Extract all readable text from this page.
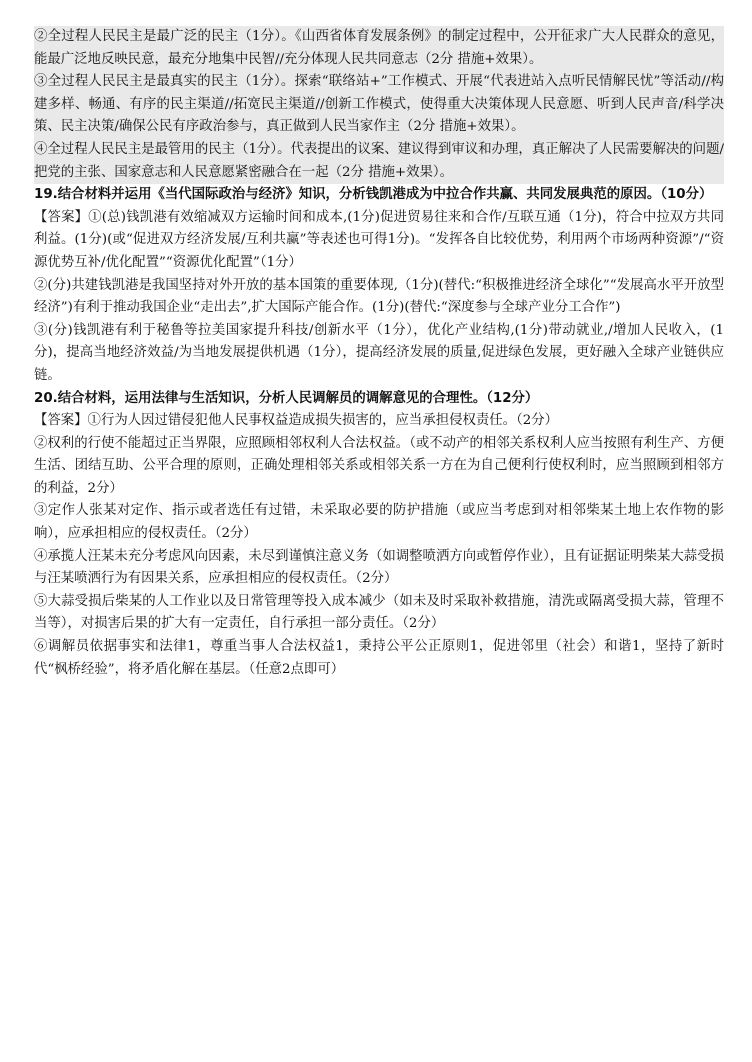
②全过程人民民主是最广泛的民主（1分）。《山西省体育发展条例》的制定过程中，公开征求广大人民群众的意见，能最广泛地反映民意，最充分地集中民智//充分体现人民共同意志（2分 措施+效果）。

③全过程人民民主是最真实的民主（1分）。探索“联络站+”工作模式、开展“代表进站入点听民情解民忧”等活动//构建多样、畅通、有序的民主渠道//拓宽民主渠道//创新工作模式，使得重大决策体现人民意愿、听到人民声音/科学决策、民主决策/确保公民有序政治参与，真正做到人民当家作主（2分 措施+效果）。

④全过程人民民主是最管用的民主（1分）。代表提出的议案、建议得到审议和办理，真正解决了人民需要解决的问题/把党的主张、国家意志和人民意愿紧密融合在一起（2分 措施+效果）。

19.结合材料并运用《当代国际政治与经济》知识，分析钱凯港成为中拉合作共赢、共同发展典范的原因。（10分）

【答案】①(总)钱凯港有效缩减双方运输时间和成本,(1分)促进贸易往来和合作/互联互通（1分)，符合中拉双方共同利益。(1分)(或“促进双方经济发展/互利共赢”等表述也可得1分)。“发挥各自比较优势，利用两个市场两种资源”/“资源优势互补/优化配置”“资源优化配置”（1分）

②(分)共建钱凯港是我国坚持对外开放的基本国策的重要体现,（1分)(替代:“积极推进经济全球化”“发展高水平开放型经济”)有利于推动我国企业“走出去”,扩大国际产能合作。(1分)(替代:“深度参与全球产业分工合作”)

③(分)钱凯港有利于秘鲁等拉美国家提升科技/创新水平（1分），优化产业结构,(1分)带动就业,/增加人民收入，(1分)，提高当地经济效益/为当地发展提供机遇（1分），提高经济发展的质量,促进绿色发展，更好融入全球产业链供应链。

20.结合材料，运用法律与生活知识，分析人民调解员的调解意见的合理性。（12分）

【答案】①行为人因过错侵犯他人民事权益造成损失损害的，应当承担侵权责任。（2分）

②权利的行使不能超过正当界限，应照顾相邻权利人合法权益。（或不动产的相邻关系权利人应当按照有利生产、方便生活、团结互助、公平合理的原则，正确处理相邻关系或相邻关系一方在为自己便利行使权利时，应当照顾到相邻方的利益，2分）

③定作人张某对定作、指示或者选任有过错，未采取必要的防护措施（或应当考虑到对相邻柴某土地上农作物的影响），应承担相应的侵权责任。（2分）

④承揽人汪某未充分考虑风向因素，未尽到谨慎注意义务（如调整喷洒方向或暂停作业），且有证据证明柴某大蒜受损与汪某喷洒行为有因果关系，应承担相应的侵权责任。（2分）

⑤大蒜受损后柴某的人工作业以及日常管理等投入成本减少（如未及时采取补救措施，清洗或隔离受损大蒜，管理不当等），对损害后果的扩大有一定责任，自行承担一部分责任。（2分）

⑥调解员依据事实和法律1，尊重当事人合法权益1，秉持公平公正原则1，促进邻里（社会）和谐1，坚持了新时代“枫桥经验”，将矛盾化解在基层。（任意2点即可）
